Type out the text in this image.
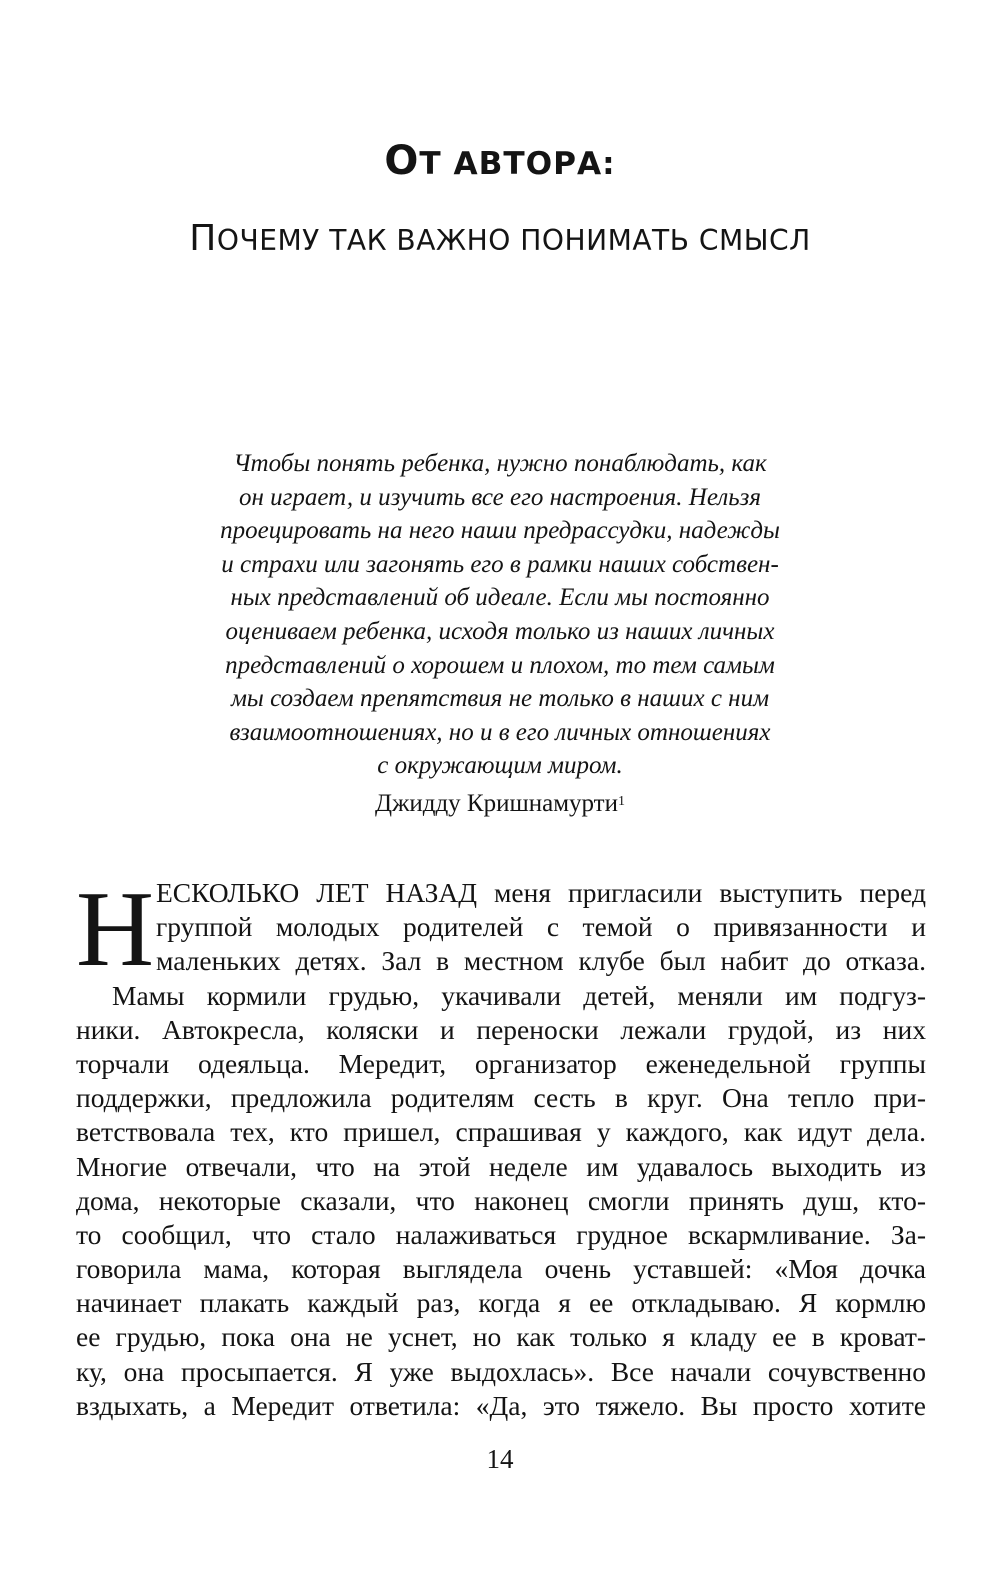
ОТ АВТОРА:
ПОЧЕМУ ТАК ВАЖНО ПОНИМАТЬ СМЫСЛ
Чтобы понять ребенка, нужно понаблюдать, как
он играет, и изучить все его настроения. Нельзя
проецировать на него наши предрассудки, надежды
и страхи или загонять его в рамки наших собствен-
ных представлений об идеале. Если мы постоянно
оцениваем ребенка, исходя только из наших личных
представлений о хорошем и плохом, то тем самым
мы создаем препятствия не только в наших с ним
взаимоотношениях, но и в его личных отношениях
с окружающим миром.
Джидду Кришнамурти$^1$
Н ЕСКОЛЬКО ЛЕТ НАЗАД меня пригласили выступить перед
группой молодых родителей с темой о привязанности и
маленьких детях. Зал в местном клубе был набит до отказа.
Мамы кормили грудью, укачивали детей, меняли им подгуз-
ники. Автокресла, коляски и переноски лежали грудой, из них
торчали одеяльца. Мередит, организатор еженедельной группы
поддержки, предложила родителям сесть в круг. Она тепло при-
ветствовала тех, кто пришел, спрашивая у каждого, как идут дела.
Многие отвечали, что на этой неделе им удавалось выходить из
дома, некоторые сказали, что наконец смогли принять душ, кто-
то сообщил, что стало налаживаться грудное вскармливание. За-
говорила мама, которая выглядела очень уставшей: «Моя дочка
начинает плакать каждый раз, когда я ее откладываю. Я кормлю
ее грудью, пока она не уснет, но как только я кладу ее в кроват-
ку, она просыпается. Я уже выдохлась». Все начали сочувственно
вздыхать, а Мередит ответила: «Да, это тяжело. Вы просто хотите
14
